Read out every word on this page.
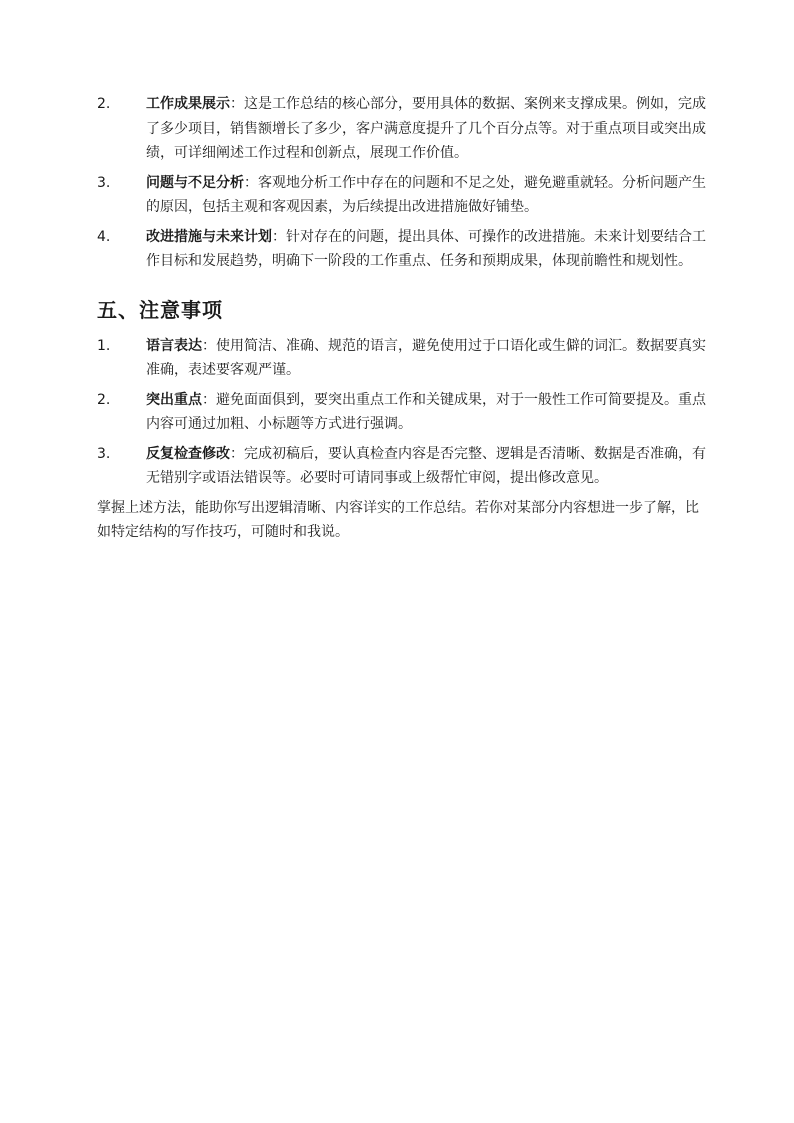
2.	工作成果展示：这是工作总结的核心部分，要用具体的数据、案例来支撑成果。例如，完成了多少项目，销售额增长了多少，客户满意度提升了几个百分点等。对于重点项目或突出成绩，可详细阐述工作过程和创新点，展现工作价值。
3.	问题与不足分析：客观地分析工作中存在的问题和不足之处，避免避重就轻。分析问题产生的原因，包括主观和客观因素，为后续提出改进措施做好铺垫。
4.	改进措施与未来计划：针对存在的问题，提出具体、可操作的改进措施。未来计划要结合工作目标和发展趋势，明确下一阶段的工作重点、任务和预期成果，体现前瞻性和规划性。
五、注意事项
1.	语言表达：使用简洁、准确、规范的语言，避免使用过于口语化或生僻的词汇。数据要真实准确，表述要客观严谨。
2.	突出重点：避免面面俱到，要突出重点工作和关键成果，对于一般性工作可简要提及。重点内容可通过加粗、小标题等方式进行强调。
3.	反复检查修改：完成初稿后，要认真检查内容是否完整、逻辑是否清晰、数据是否准确，有无错别字或语法错误等。必要时可请同事或上级帮忙审阅，提出修改意见。

掌握上述方法，能助你写出逻辑清晰、内容详实的工作总结。若你对某部分内容想进一步了解，比如特定结构的写作技巧，可随时和我说。
